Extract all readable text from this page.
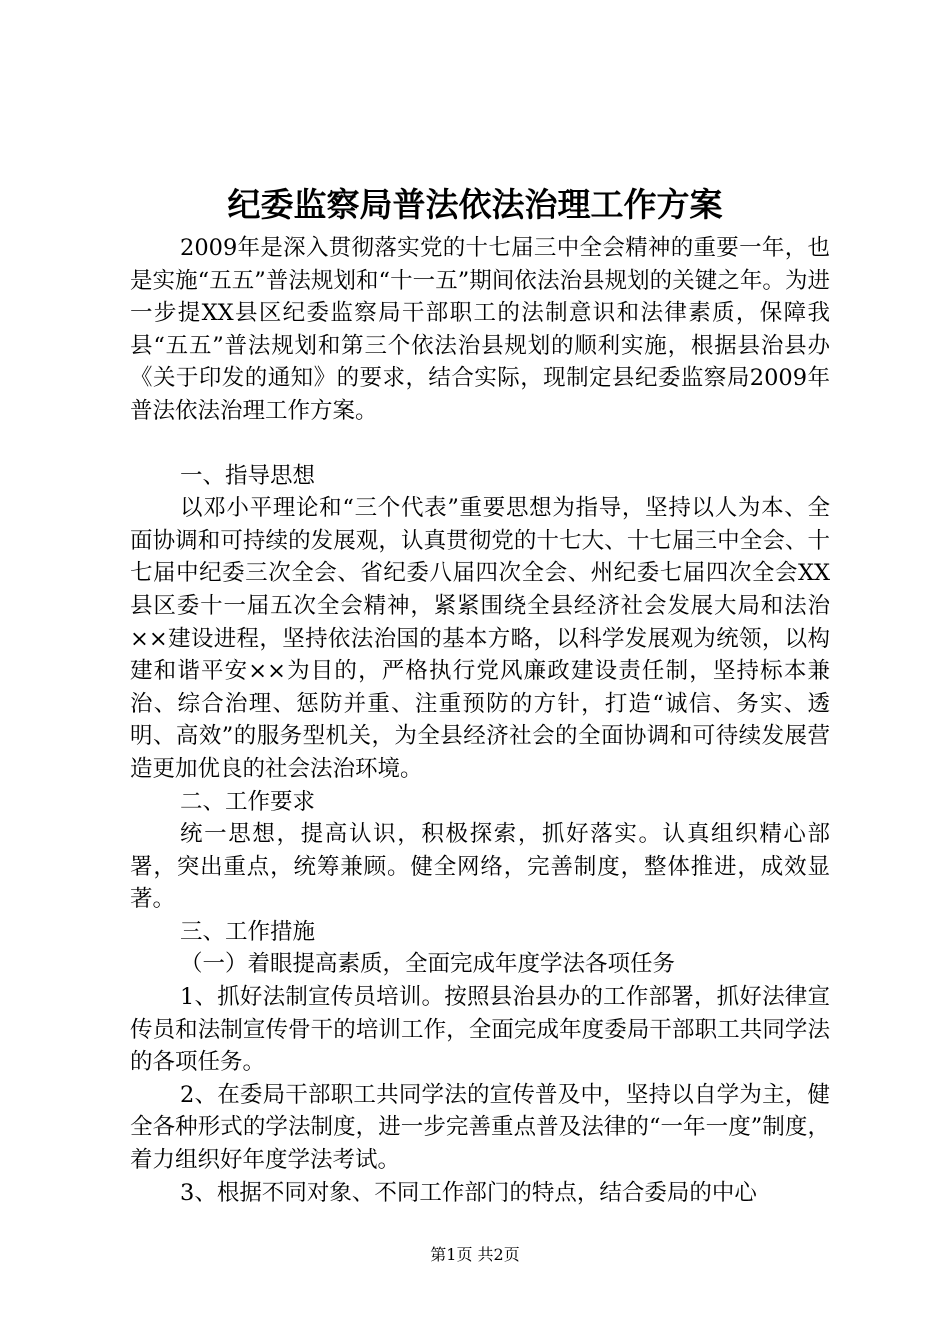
纪委监察局普法依法治理工作方案

2009年是深入贯彻落实党的十七届三中全会精神的重要一年，也是实施“五五”普法规划和“十一五”期间依法治县规划的关键之年。为进一步提XX县区纪委监察局干部职工的法制意识和法律素质，保障我县“五五”普法规划和第三个依法治县规划的顺利实施，根据县治县办《关于印发的通知》的要求，结合实际，现制定县纪委监察局2009年普法依法治理工作方案。

一、指导思想

以邓小平理论和“三个代表”重要思想为指导，坚持以人为本、全面协调和可持续的发展观，认真贯彻党的十七大、十七届三中全会、十七届中纪委三次全会、省纪委八届四次全会、州纪委七届四次全会XX县区委十一届五次全会精神，紧紧围绕全县经济社会发展大局和法治××建设进程，坚持依法治国的基本方略，以科学发展观为统领，以构建和谐平安××为目的，严格执行党风廉政建设责任制，坚持标本兼治、综合治理、惩防并重、注重预防的方针，打造“诚信、务实、透明、高效”的服务型机关，为全县经济社会的全面协调和可待续发展营造更加优良的社会法治环境。

二、工作要求

统一思想，提高认识，积极探索，抓好落实。认真组织精心部署，突出重点，统筹兼顾。健全网络，完善制度，整体推进，成效显著。

三、工作措施

（一）着眼提高素质，全面完成年度学法各项任务

1、抓好法制宣传员培训。按照县治县办的工作部署，抓好法律宣传员和法制宣传骨干的培训工作，全面完成年度委局干部职工共同学法的各项任务。

2、在委局干部职工共同学法的宣传普及中，坚持以自学为主，健全各种形式的学法制度，进一步完善重点普及法律的“一年一度”制度，着力组织好年度学法考试。

3、根据不同对象、不同工作部门的特点，结合委局的中心

第1页 共2页
